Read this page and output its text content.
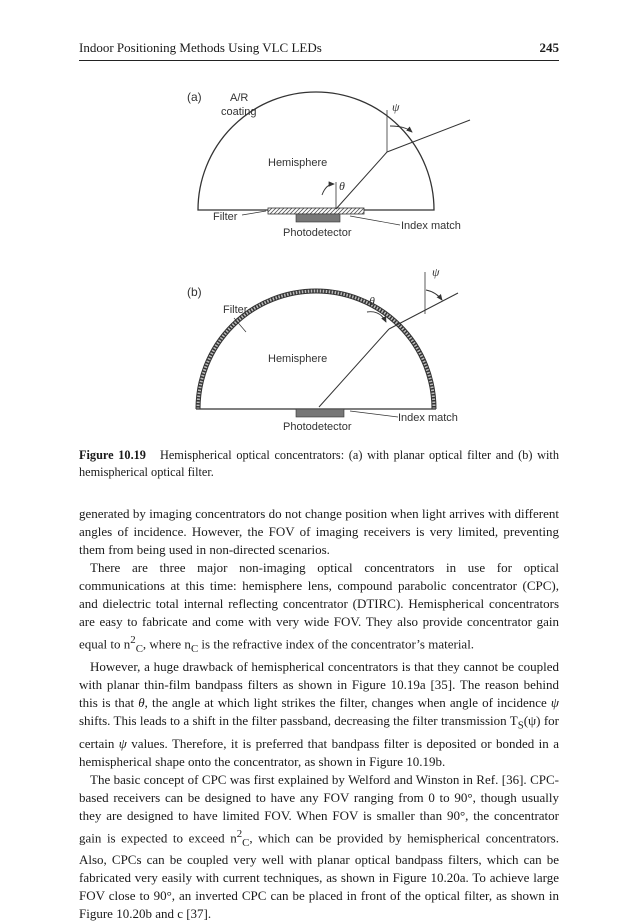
Indoor Positioning Methods Using VLC LEDs	245
(a)	A/R
coating
Hemisphere
Filter
Photodetector
Index match
ψ
θ
(b)
Filter
Hemisphere
Photodetector
Index match
ψ
θ
Figure 10.19 Hemispherical optical concentrators: (a) with planar optical filter and (b) with hemispherical optical filter.

generated by imaging concentrators do not change position when light arrives with different angles of incidence. However, the FOV of imaging receivers is very limited, preventing them from being used in non-directed scenarios.

There are three major non-imaging optical concentrators in use for optical communications at this time: hemisphere lens, compound parabolic concentrator (CPC), and dielectric total internal reflecting concentrator (DTIRC). Hemispherical concentrators are easy to fabricate and come with very wide FOV. They also provide concentrator gain equal to $n^2_C$, where $n_C$ is the refractive index of the concentrator’s material.

However, a huge drawback of hemispherical concentrators is that they cannot be coupled with planar thin-film bandpass filters as shown in Figure 10.19a [35]. The reason behind this is that θ, the angle at which light strikes the filter, changes when angle of incidence ψ shifts. This leads to a shift in the filter passband, decreasing the filter transmission $T_S(\psi)$ for certain ψ values. Therefore, it is preferred that bandpass filter is deposited or bonded in a hemispherical shape onto the concentrator, as shown in Figure 10.19b.

The basic concept of CPC was first explained by Welford and Winston in Ref. [36]. CPC-based receivers can be designed to have any FOV ranging from 0 to 90°, though usually they are designed to have limited FOV. When FOV is smaller than 90°, the concentrator gain is expected to exceed $n^2_C$, which can be provided by hemispherical concentrators. Also, CPCs can be coupled very well with planar optical bandpass filters, which can be fabricated very easily with current techniques, as shown in Figure 10.20a. To achieve large FOV close to 90°, an inverted CPC can be placed in front of the optical filter, as shown in Figure 10.20b and c [37].
